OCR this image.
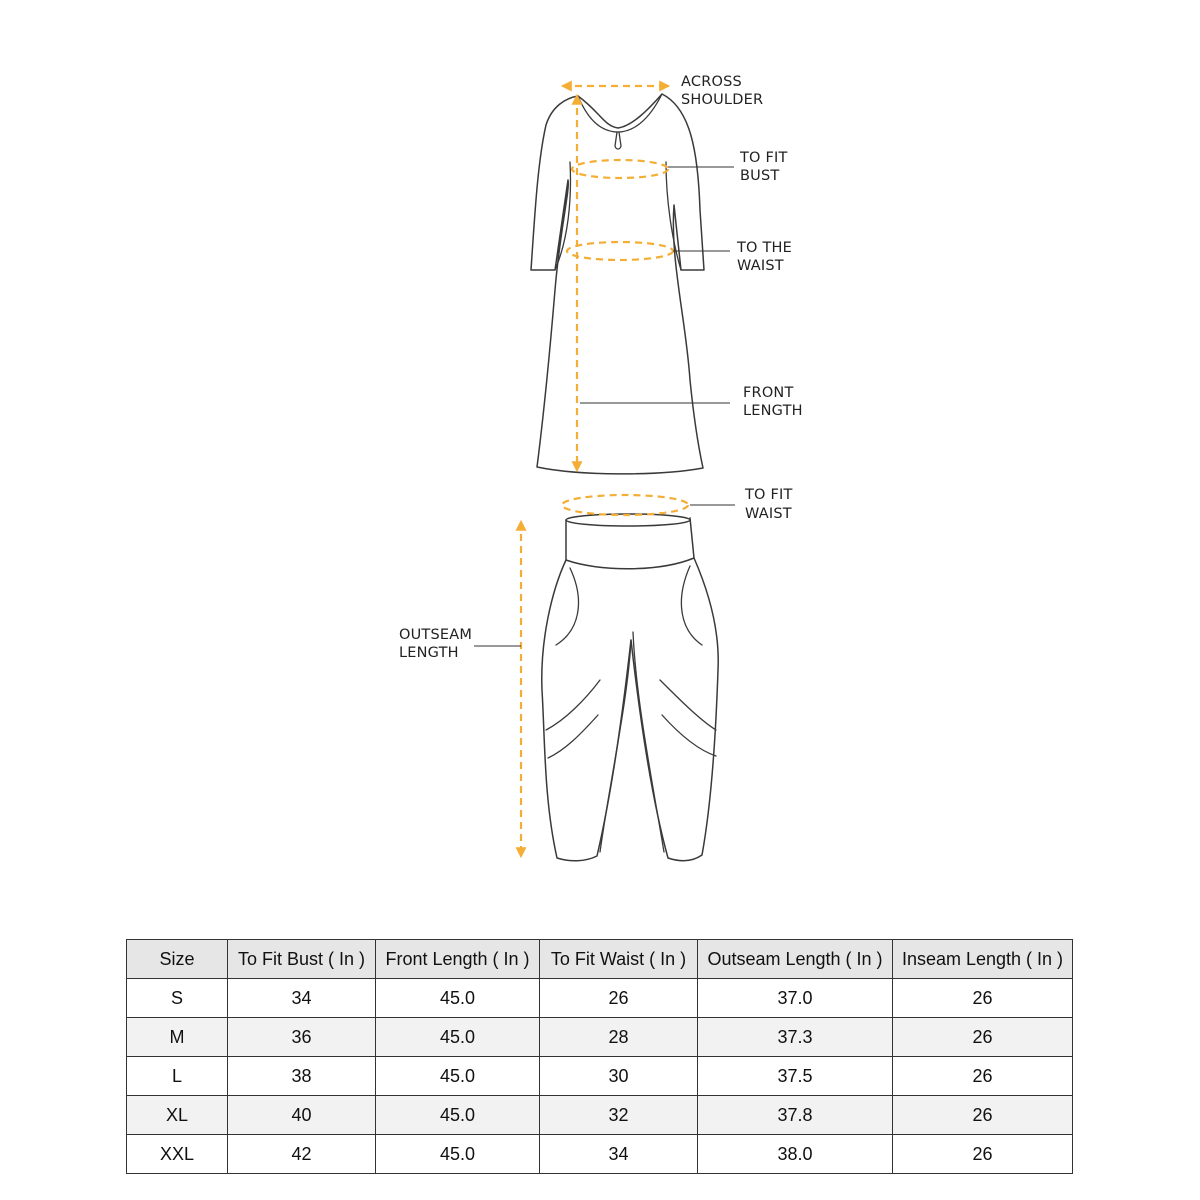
ACROSS SHOULDER
TO FIT BUST
TO THE WAIST
FRONT LENGTH
TO FIT WAIST
OUTSEAM LENGTH
Size	To Fit Bust ( In )	Front Length ( In )	To Fit Waist ( In )	Outseam Length ( In )	Inseam Length ( In )
S	34	45.0	26	37.0	26
M	36	45.0	28	37.3	26
L	38	45.0	30	37.5	26
XL	40	45.0	32	37.8	26
XXL	42	45.0	34	38.0	26
